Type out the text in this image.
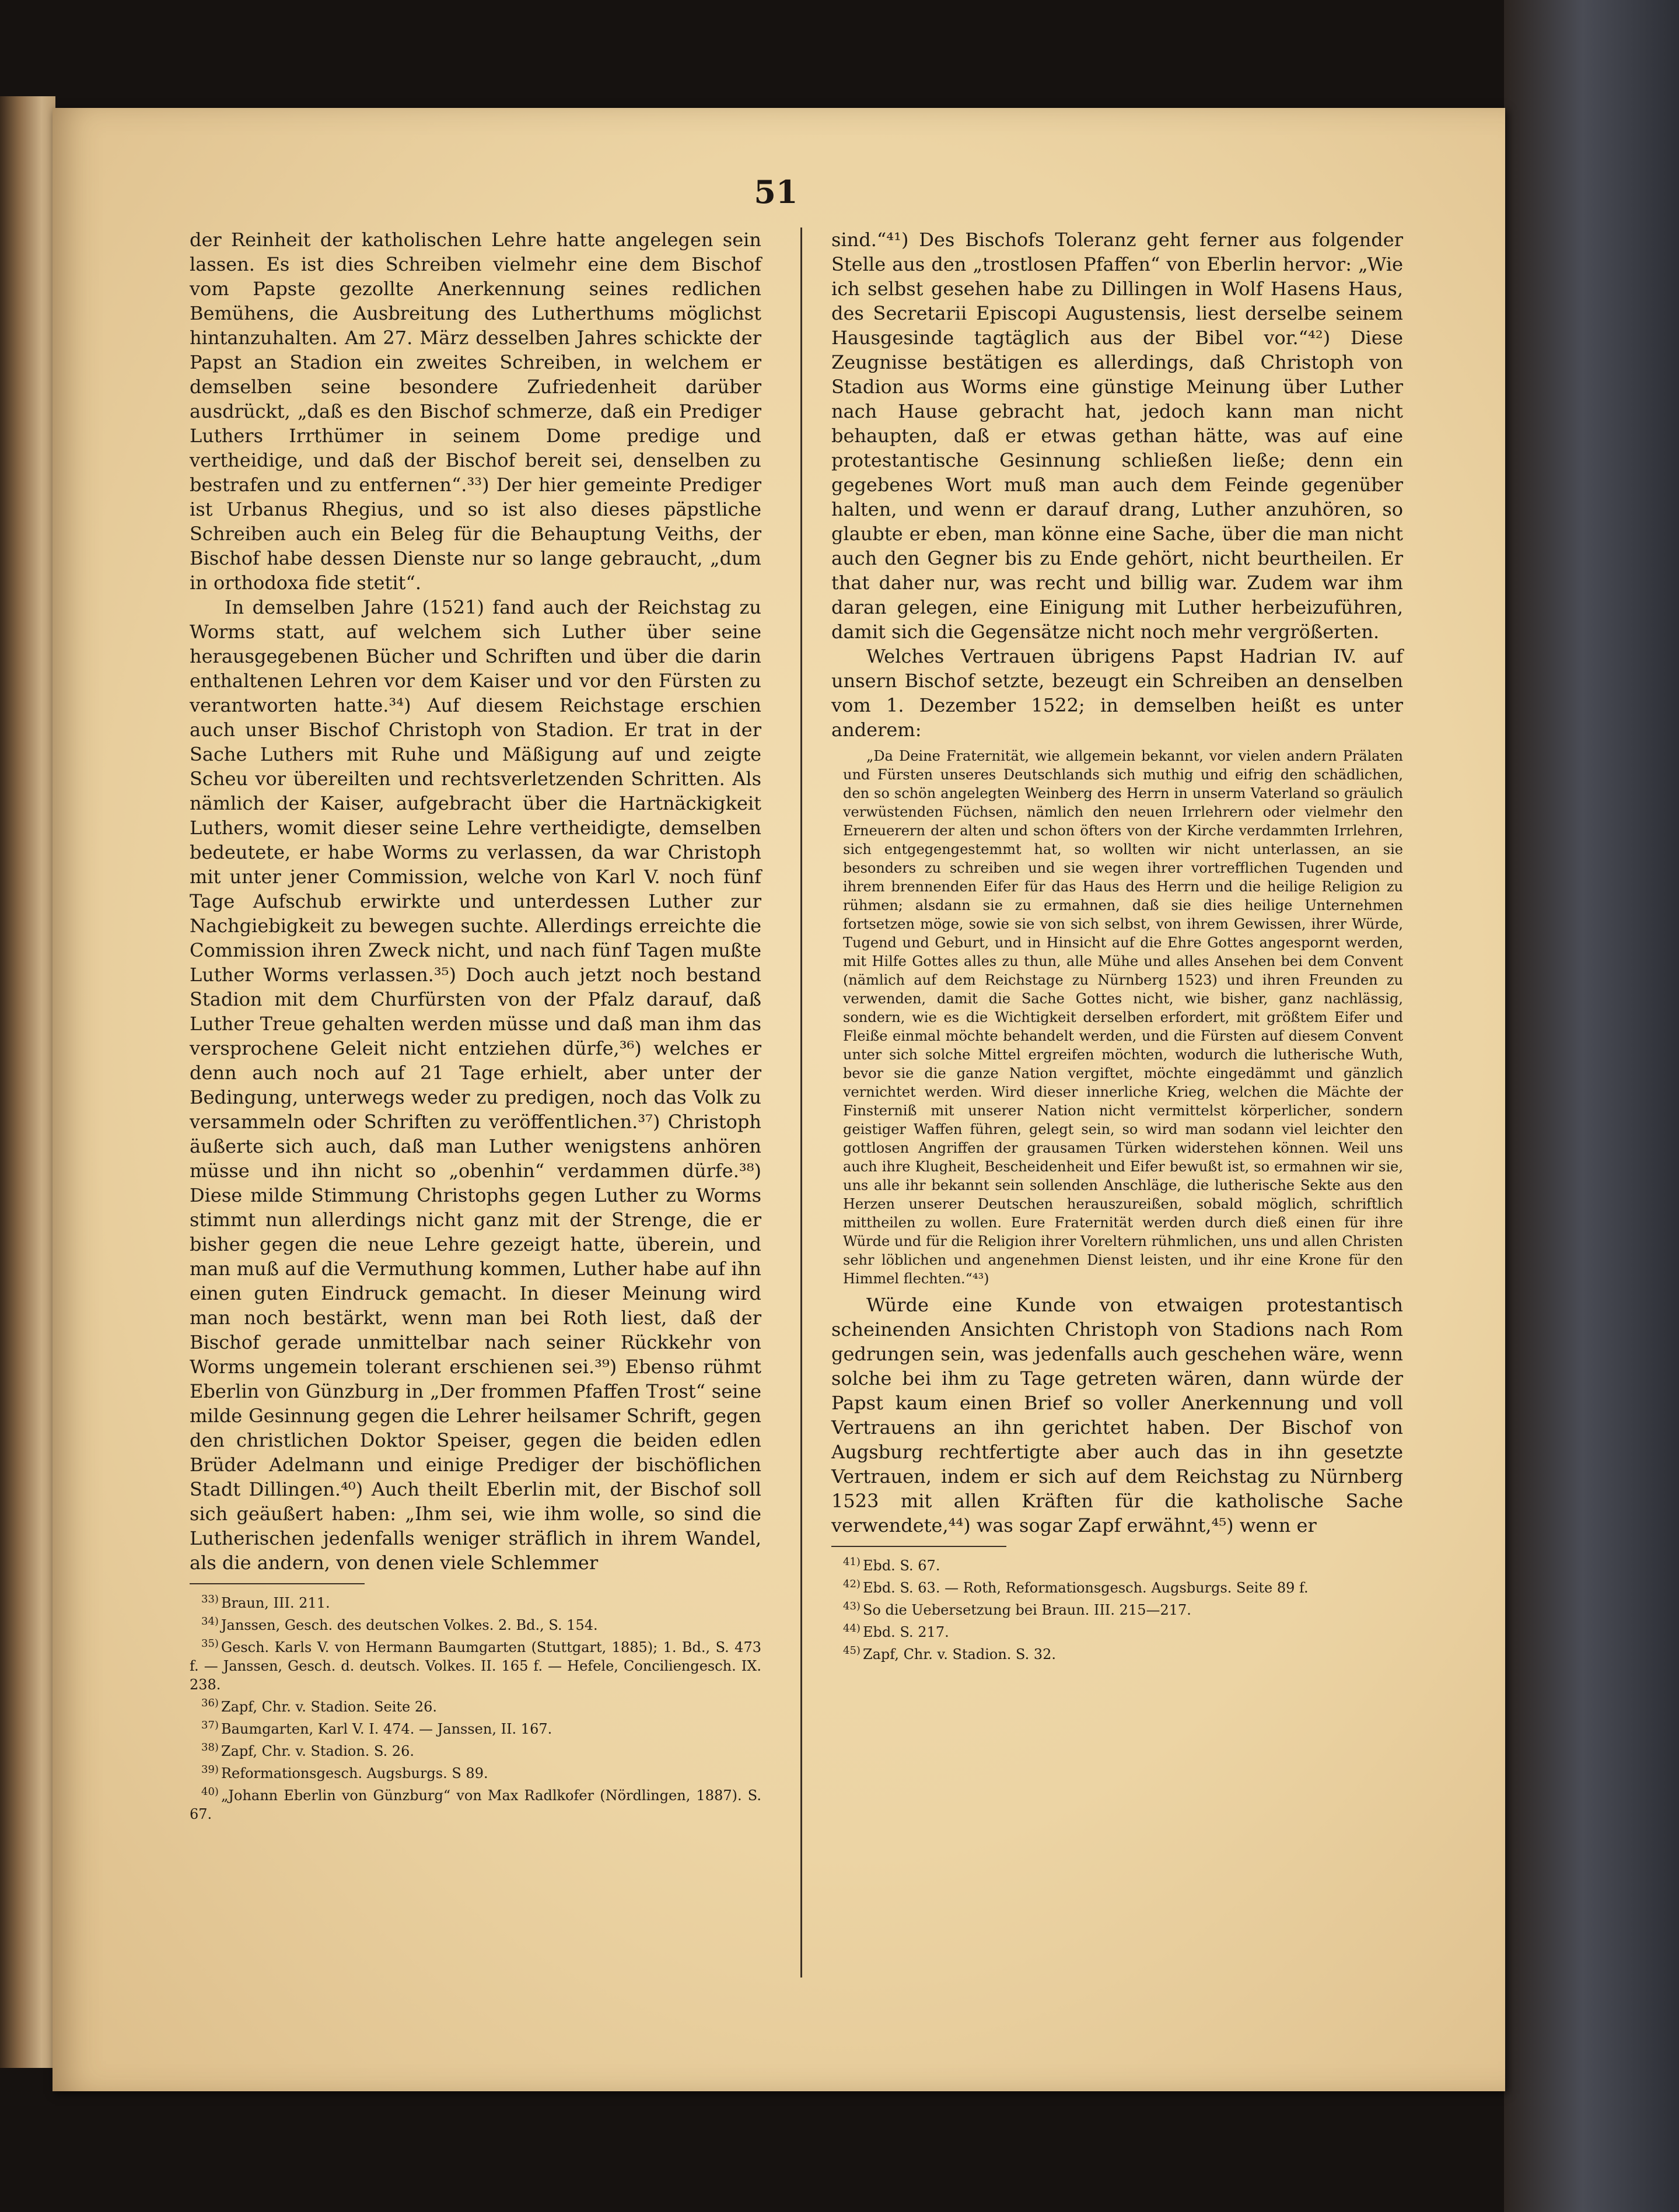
51

der Reinheit der katholischen Lehre hatte angelegen sein lassen. Es ist dies Schreiben vielmehr eine dem Bischof vom Papste gezollte Anerkennung seines redlichen Bemühens, die Ausbreitung des Lutherthums möglichst hintanzuhalten. Am 27. März desselben Jahres schickte der Papst an Stadion ein zweites Schreiben, in welchem er demselben seine besondere Zufriedenheit darüber ausdrückt, „daß es den Bischof schmerze, daß ein Prediger Luthers Irrthümer in seinem Dome predige und vertheidige, und daß der Bischof bereit sei, denselben zu bestrafen und zu entfernen“.³³) Der hier gemeinte Prediger ist Urbanus Rhegius, und so ist also dieses päpstliche Schreiben auch ein Beleg für die Behauptung Veiths, der Bischof habe dessen Dienste nur so lange gebraucht, „dum in orthodoxa fide stetit“.

In demselben Jahre (1521) fand auch der Reichstag zu Worms statt, auf welchem sich Luther über seine herausgegebenen Bücher und Schriften und über die darin enthaltenen Lehren vor dem Kaiser und vor den Fürsten zu verantworten hatte.³⁴) Auf diesem Reichstage erschien auch unser Bischof Christoph von Stadion. Er trat in der Sache Luthers mit Ruhe und Mäßigung auf und zeigte Scheu vor übereilten und rechtsverletzenden Schritten. Als nämlich der Kaiser, aufgebracht über die Hartnäckigkeit Luthers, womit dieser seine Lehre vertheidigte, demselben bedeutete, er habe Worms zu verlassen, da war Christoph mit unter jener Commission, welche von Karl V. noch fünf Tage Aufschub erwirkte und unterdessen Luther zur Nachgiebigkeit zu bewegen suchte. Allerdings erreichte die Commission ihren Zweck nicht, und nach fünf Tagen mußte Luther Worms verlassen.³⁵) Doch auch jetzt noch bestand Stadion mit dem Churfürsten von der Pfalz darauf, daß Luther Treue gehalten werden müsse und daß man ihm das versprochene Geleit nicht entziehen dürfe,³⁶) welches er denn auch noch auf 21 Tage erhielt, aber unter der Bedingung, unterwegs weder zu predigen, noch das Volk zu versammeln oder Schriften zu veröffentlichen.³⁷) Christoph äußerte sich auch, daß man Luther wenigstens anhören müsse und ihn nicht so „obenhin“ verdammen dürfe.³⁸) Diese milde Stimmung Christophs gegen Luther zu Worms stimmt nun allerdings nicht ganz mit der Strenge, die er bisher gegen die neue Lehre gezeigt hatte, überein, und man muß auf die Vermuthung kommen, Luther habe auf ihn einen guten Eindruck gemacht. In dieser Meinung wird man noch bestärkt, wenn man bei Roth liest, daß der Bischof gerade unmittelbar nach seiner Rückkehr von Worms ungemein tolerant erschienen sei.³⁹) Ebenso rühmt Eberlin von Günzburg in „Der frommen Pfaffen Trost“ seine milde Gesinnung gegen die Lehrer heilsamer Schrift, gegen den christlichen Doktor Speiser, gegen die beiden edlen Brüder Adelmann und einige Prediger der bischöflichen Stadt Dillingen.⁴⁰) Auch theilt Eberlin mit, der Bischof soll sich geäußert haben: „Ihm sei, wie ihm wolle, so sind die Lutherischen jedenfalls weniger sträflich in ihrem Wandel, als die andern, von denen viele Schlemmer

$^{33)}$ Braun, III. 211.

$^{34)}$ Janssen, Gesch. des deutschen Volkes. 2. Bd., S. 154.

$^{35)}$ Gesch. Karls V. von Hermann Baumgarten (Stuttgart, 1885); 1. Bd., S. 473 f. — Janssen, Gesch. d. deutsch. Volkes. II. 165 f. — Hefele, Conciliengesch. IX. 238.

$^{36)}$ Zapf, Chr. v. Stadion. Seite 26.

$^{37)}$ Baumgarten, Karl V. I. 474. — Janssen, II. 167.

$^{38)}$ Zapf, Chr. v. Stadion. S. 26.

$^{39)}$ Reformationsgesch. Augsburgs. S 89.

$^{40)}$ „Johann Eberlin von Günzburg“ von Max Radlkofer (Nördlingen, 1887). S. 67.

sind.“⁴¹) Des Bischofs Toleranz geht ferner aus folgender Stelle aus den „trostlosen Pfaffen“ von Eberlin hervor: „Wie ich selbst gesehen habe zu Dillingen in Wolf Hasens Haus, des Secretarii Episcopi Augustensis, liest derselbe seinem Hausgesinde tagtäglich aus der Bibel vor.“⁴²) Diese Zeugnisse bestätigen es allerdings, daß Christoph von Stadion aus Worms eine günstige Meinung über Luther nach Hause gebracht hat, jedoch kann man nicht behaupten, daß er etwas gethan hätte, was auf eine protestantische Gesinnung schließen ließe; denn ein gegebenes Wort muß man auch dem Feinde gegenüber halten, und wenn er darauf drang, Luther anzuhören, so glaubte er eben, man könne eine Sache, über die man nicht auch den Gegner bis zu Ende gehört, nicht beurtheilen. Er that daher nur, was recht und billig war. Zudem war ihm daran gelegen, eine Einigung mit Luther herbeizuführen, damit sich die Gegensätze nicht noch mehr vergrößerten.

Welches Vertrauen übrigens Papst Hadrian IV. auf unsern Bischof setzte, bezeugt ein Schreiben an denselben vom 1. Dezember 1522; in demselben heißt es unter anderem:

„Da Deine Fraternität, wie allgemein bekannt, vor vielen andern Prälaten und Fürsten unseres Deutschlands sich muthig und eifrig den schädlichen, den so schön angelegten Weinberg des Herrn in unserm Vaterland so gräulich verwüstenden Füchsen, nämlich den neuen Irrlehrern oder vielmehr den Erneuerern der alten und schon öfters von der Kirche verdammten Irrlehren, sich entgegengestemmt hat, so wollten wir nicht unterlassen, an sie besonders zu schreiben und sie wegen ihrer vortrefflichen Tugenden und ihrem brennenden Eifer für das Haus des Herrn und die heilige Religion zu rühmen; alsdann sie zu ermahnen, daß sie dies heilige Unternehmen fortsetzen möge, sowie sie von sich selbst, von ihrem Gewissen, ihrer Würde, Tugend und Geburt, und in Hinsicht auf die Ehre Gottes angespornt werden, mit Hilfe Gottes alles zu thun, alle Mühe und alles Ansehen bei dem Convent (nämlich auf dem Reichstage zu Nürnberg 1523) und ihren Freunden zu verwenden, damit die Sache Gottes nicht, wie bisher, ganz nachlässig, sondern, wie es die Wichtigkeit derselben erfordert, mit größtem Eifer und Fleiße einmal möchte behandelt werden, und die Fürsten auf diesem Convent unter sich solche Mittel ergreifen möchten, wodurch die lutherische Wuth, bevor sie die ganze Nation vergiftet, möchte eingedämmt und gänzlich vernichtet werden. Wird dieser innerliche Krieg, welchen die Mächte der Finsterniß mit unserer Nation nicht vermittelst körperlicher, sondern geistiger Waffen führen, gelegt sein, so wird man sodann viel leichter den gottlosen Angriffen der grausamen Türken widerstehen können. Weil uns auch ihre Klugheit, Bescheidenheit und Eifer bewußt ist, so ermahnen wir sie, uns alle ihr bekannt sein sollenden Anschläge, die lutherische Sekte aus den Herzen unserer Deutschen herauszureißen, sobald möglich, schriftlich mittheilen zu wollen. Eure Fraternität werden durch dieß einen für ihre Würde und für die Religion ihrer Voreltern rühmlichen, uns und allen Christen sehr löblichen und angenehmen Dienst leisten, und ihr eine Krone für den Himmel flechten.“⁴³)

Würde eine Kunde von etwaigen protestantisch scheinenden Ansichten Christoph von Stadions nach Rom gedrungen sein, was jedenfalls auch geschehen wäre, wenn solche bei ihm zu Tage getreten wären, dann würde der Papst kaum einen Brief so voller Anerkennung und voll Vertrauens an ihn gerichtet haben. Der Bischof von Augsburg rechtfertigte aber auch das in ihn gesetzte Vertrauen, indem er sich auf dem Reichstag zu Nürnberg 1523 mit allen Kräften für die katholische Sache verwendete,⁴⁴) was sogar Zapf erwähnt,⁴⁵) wenn er

$^{41)}$ Ebd. S. 67.

$^{42)}$ Ebd. S. 63. — Roth, Reformationsgesch. Augsburgs. Seite 89 f.

$^{43)}$ So die Uebersetzung bei Braun. III. 215—217.

$^{44)}$ Ebd. S. 217.

$^{45)}$ Zapf, Chr. v. Stadion. S. 32.
